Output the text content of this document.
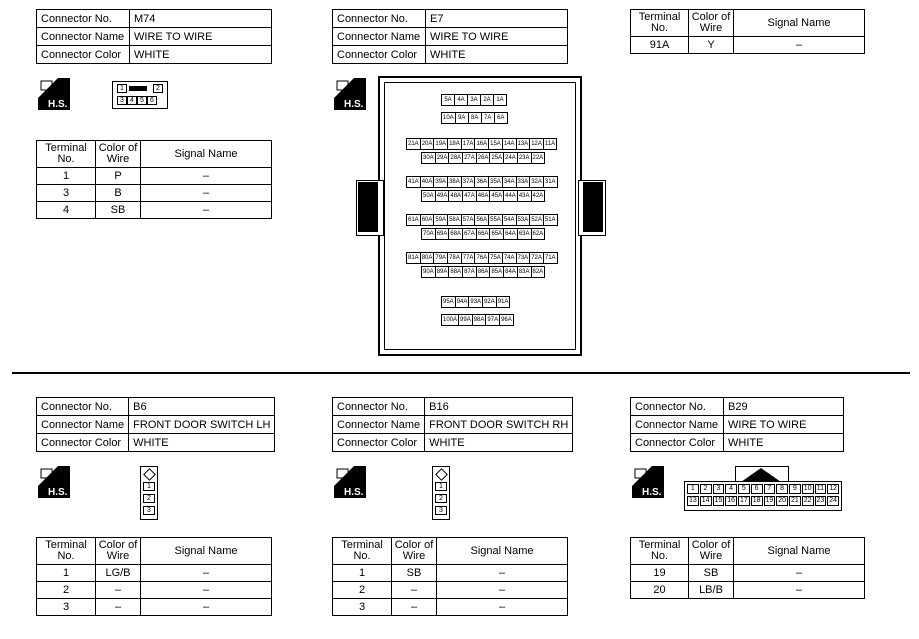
Connector No.	M74
Connector Name	WIRE TO WIRE
Connector Color	WHITE
H.S.
1	2
3 4 5 6
Terminal No.	Color of Wire	Signal Name
1	P	–
3	B	–
4	SB	–
Connector No.	E7
Connector Name	WIRE TO WIRE
Connector Color	WHITE
H.S.	5A 4A 3A 2A 1A
10A 9A 8A 7A 6A
21A 20A 19A 18A 17A 16A 15A 14A 13A 12A 11A
30A 29A 28A 27A 26A 25A 24A 23A 22A
41A 40A 39A 38A 37A 36A 35A 34A 33A 32A 31A
50A 49A 48A 47A 46A 45A 44A 43A 42A
61A 60A 59A 58A 57A 56A 55A 54A 53A 52A 51A
70A 69A 68A 67A 66A 65A 64A 63A 62A
81A 80A 79A 78A 77A 76A 75A 74A 73A 72A 71A
90A 89A 88A 87A 86A 85A 84A 83A 82A
95A 94A 93A 92A 91A
100A 99A 98A 97A 96A
Terminal No.	Color of Wire	Signal Name
91A	Y	–
Connector No.	B6
Connector Name	FRONT DOOR SWITCH LH
Connector Color	WHITE
H.S.
1
2
3
Terminal No.	Color of Wire	Signal Name
1	LG/B	–
2	–	–
3	–	–
Connector No.	B16
Connector Name	FRONT DOOR SWITCH RH
Connector Color	WHITE
H.S.
1
2
3
Terminal No.	Color of Wire	Signal Name
1	SB	–
2	–	–
3	–	–
Connector No.	B29
Connector Name	WIRE TO WIRE
Connector Color	WHITE
H.S.	1	2	3	4	5	6	7	8	9 10 11 12
13 14 15 16 17 18 19 20 21 22 23 24
Terminal No.	Color of Wire	Signal Name
19	SB	–
20	LB/B	–
